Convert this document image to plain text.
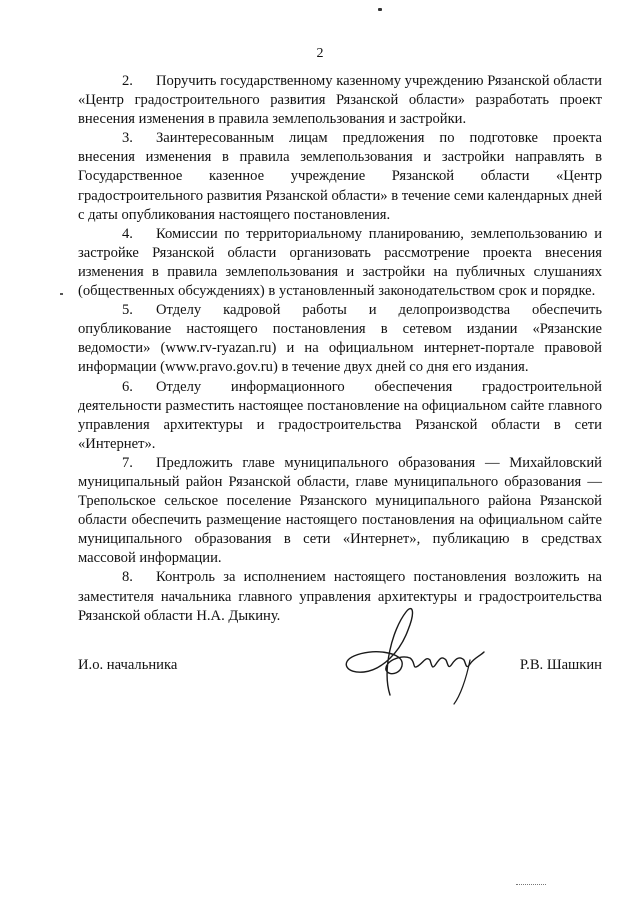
2

2. Поручить государственному казенному учреждению Рязанской области «Центр градостроительного развития Рязанской области» разработать проект внесения изменения в правила землепользования и застройки.

3. Заинтересованным лицам предложения по подготовке проекта внесения изменения в правила землепользования и застройки направлять в Государственное казенное учреждение Рязанской области «Центр градостроительного развития Рязанской области» в течение семи календарных дней с даты опубликования настоящего постановления.

4. Комиссии по территориальному планированию, землепользованию и застройке Рязанской области организовать рассмотрение проекта внесения изменения в правила землепользования и застройки на публичных слушаниях (общественных обсуждениях) в установленный законодательством срок и порядке.

5. Отделу кадровой работы и делопроизводства обеспечить опубликование настоящего постановления в сетевом издании «Рязанские ведомости» (www.rv-ryazan.ru) и на официальном интернет-портале правовой информации (www.pravo.gov.ru) в течение двух дней со дня его издания.

6. Отделу информационного обеспечения градостроительной деятельности разместить настоящее постановление на официальном сайте главного управления архитектуры и градостроительства Рязанской области в сети «Интернет».

7. Предложить главе муниципального образования — Михайловский муниципальный район Рязанской области, главе муниципального образования — Трепольское сельское поселение Рязанского муниципального района Рязанской области обеспечить размещение настоящего постановления на официальном сайте муниципального образования в сети «Интернет», публикацию в средствах массовой информации.

8. Контроль за исполнением настоящего постановления возложить на заместителя начальника главного управления архитектуры и градостроительства Рязанской области Н.А. Дыкину.

И.о. начальника	Р.В. Шашкин
